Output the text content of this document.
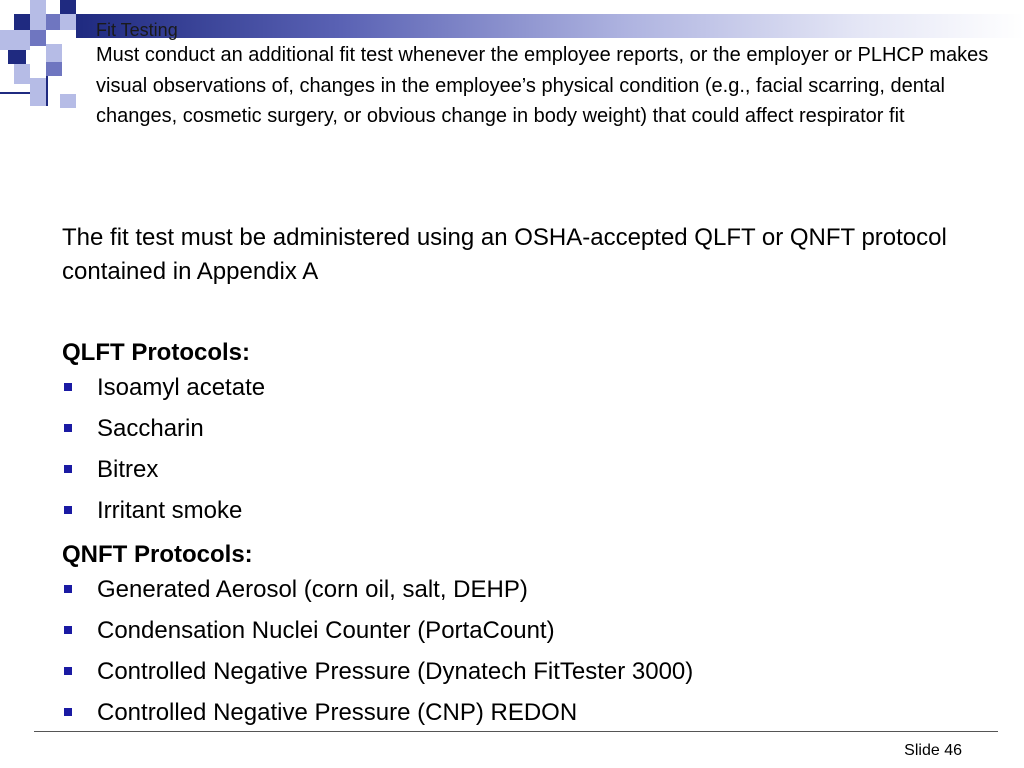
Fit Testing
Must conduct an additional fit test whenever the employee reports, or the employer or PLHCP makes visual observations of, changes in the employee’s physical condition (e.g., facial scarring, dental changes, cosmetic surgery, or obvious change in body weight) that could affect respirator fit

The fit test must be administered using an OSHA-accepted QLFT or QNFT protocol contained in Appendix A

QLFT Protocols:

Isoamyl acetate
Saccharin
Bitrex
Irritant smoke

QNFT Protocols:

Generated Aerosol (corn oil, salt, DEHP)
Condensation Nuclei Counter (PortaCount)
Controlled Negative Pressure (Dynatech FitTester 3000)
Controlled Negative Pressure (CNP) REDON
Slide 46
